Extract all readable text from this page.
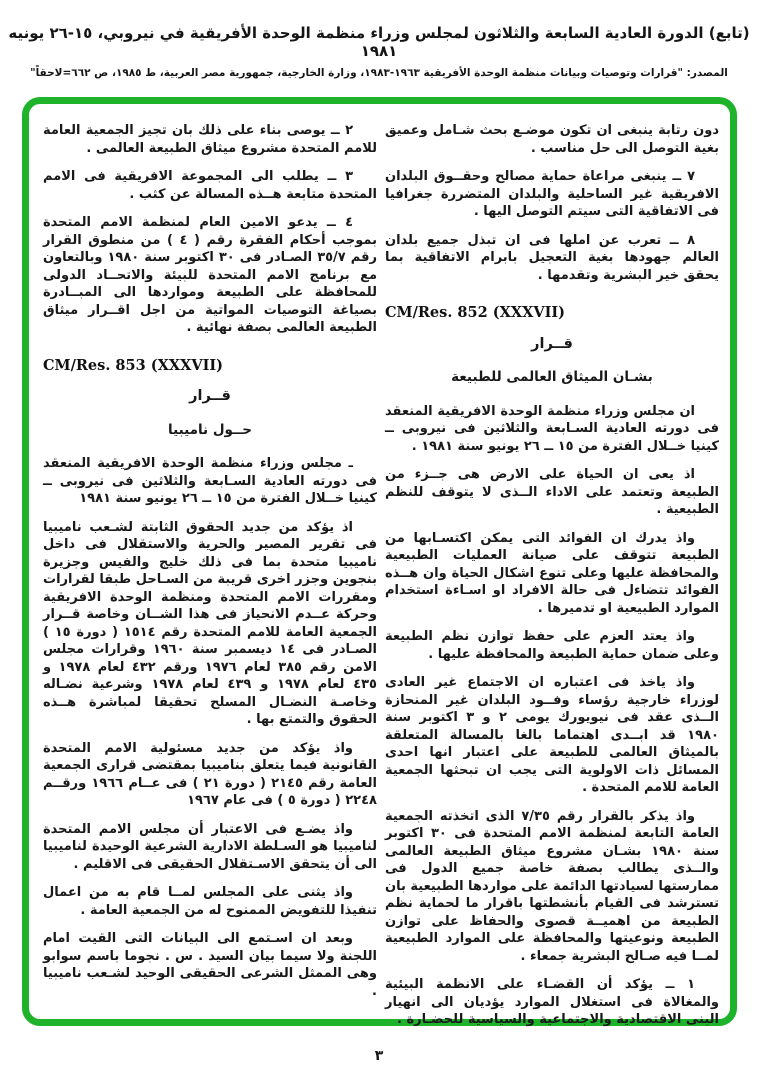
(تابع) الدورة العادية السابعة والثلاثون لمجلس وزراء منظمة الوحدة الأفريقية في نيروبي، ١٥-٢٦ يونيه ١٩٨١
المصدر: "قرارات وتوصيات وبيانات منظمة الوحدة الأفريقية ١٩٦٣-١٩٨٣، وزارة الخارجية، جمهورية مصر العربية، ط ١٩٨٥، ص ٦٦٢=لاحقاً"

دون رتابة ينبغى ان تكون موضـع بحث شـامل وعميق بغية التوصل الى حل مناسب .

٧ ــ ينبغى مراعاة حماية مصالح وحقــوق البلدان الافريقية غير الساحلية والبلدان المتضررة جغرافيا فى الاتفاقية التى سيتم التوصل اليها .

٨ ــ تعرب عن املها فى ان تبذل جميع بلدان العالم جهودها بغية التعجيل بابرام الاتفاقية بما يحقق خير البشرية وتقدمها .

CM/Res. 852 (XXXVII)
قــرار
بشـان الميثاق العالمى للطبيعة

ان مجلس وزراء منظمة الوحدة الافريقية المنعقد فى دورته العادية السـابعة والثلاثين فى نيروبى ــ كينيا خــلال الفترة من ١٥ ــ ٢٦ يونيو سنة ١٩٨١ .

اذ يعى ان الحياة على الارض هى جــزء من الطبيعة وتعتمد على الاداء الــذى لا يتوقف للنظم الطبيعية .

واذ يدرك ان الفوائد التى يمكن اكتسـابها من الطبيعة تتوقف على صيانة العمليات الطبيعية والمحافظة عليها وعلى تنوع اشكال الحياة وان هــذه الفوائد تتضاءل فى حالة الافراد او اسـاءة استخدام الموارد الطبيعية او تدميرها .

واذ يعتد العزم على حفظ توازن نظم الطبيعة وعلى ضمان حماية الطبيعة والمحافظة عليها .

واذ ياخذ فى اعتباره ان الاجتماع غير العادى لوزراء خارجية رؤساء وفــود البلدان غير المنحازة الــذى عقد فى نيويورك يومى ٢ و ٣ اكتوبر سنة ١٩٨٠ قد ابــدى اهتماما بالغا بالمسالة المتعلقة بالميثاق العالمى للطبيعة على اعتبار انها احدى المسائل ذات الاولوية التى يجب ان تبحثها الجمعية العامة للامم المتحدة .

واذ يذكر بالقرار رقم ٧/٣٥ الذى اتخذته الجمعية العامة التابعة لمنظمة الامم المتحدة فى ٣٠ اكتوبر سنة ١٩٨٠ بشـان مشروع ميثاق الطبيعة العالمى والــذى يطالب بصفة خاصة جميع الدول فى ممارستها لسيادتها الدائمة على مواردها الطبيعية بان تسترشد فى القيام بأنشطتها باقرار ما لحماية نظم الطبيعة من اهميــة قصوى والحفاظ على توازن الطبيعة ونوعيتها والمحافظة على الموارد الطبيعية لمــا فيه صـالح البشرية جمعاء .

١ ــ يؤكد أن القضـاء على الانظمة البيئية والمغالاة فى استغلال الموارد يؤديان الى انهيار البنى الاقتصادية والاجتماعية والسياسية للحضـارة .

٢ ــ يوصى بناء على ذلك بان تجيز الجمعية العامة للامم المتحدة مشروع ميثاق الطبيعة العالمى .

٣ ــ يطلب الى المجموعة الافريقية فى الامم المتحدة متابعة هــذه المسالة عن كثب .

٤ ــ يدعو الامين العام لمنظمة الامم المتحدة بموجب أحكام الفقرة رقم ( ٤ ) من منطوق القرار رقم ٣٥/٧ الصـادر فى ٣٠ اكتوبر سنة ١٩٨٠ وبالتعاون مع برنامج الامم المتحدة للبيئة والاتحــاد الدولى للمحافظة على الطبيعة ومواردها الى المبــادرة بصياغة التوصيات المواتية من اجل اقــرار ميثاق الطبيعة العالمى بصفة نهائية .

CM/Res. 853 (XXXVII)
قــرار
حــول ناميبيا

ـ مجلس وزراء منظمة الوحدة الافريقية المنعقد فى دورته العادية السـابعة والثلاثين فى نيروبى ــ كينيا خــلال الفترة من ١٥ ــ ٢٦ يونيو سنة ١٩٨١

اذ يؤكد من جديد الحقوق الثابتة لشـعب ناميبيا فى تقرير المصير والحرية والاستقلال فى داخل ناميبيا متحدة بما فى ذلك خليج والفيس وجزيرة بنجوين وجزر اخرى قريبة من السـاحل طبقا لقرارات ومقررات الامم المتحدة ومنظمة الوحدة الافريقية وحركة عــدم الانحياز فى هذا الشــان وخاصة قــرار الجمعية العامة للامم المتحدة رقم ١٥١٤ ( دورة ١٥ ) الصـادر فى ١٤ ديسمبر سنة ١٩٦٠ وقرارات مجلس الامن رقم ٣٨٥ لعام ١٩٧٦ ورقم ٤٣٢ لعام ١٩٧٨ و ٤٣٥ لعام ١٩٧٨ و ٤٣٩ لعام ١٩٧٨ وشرعية نضـاله وخاصـة النضـال المسلح تحقيقا لمباشرة هــذه الحقوق والتمتع بها .

واذ يؤكد من جديد مسئولية الامم المتحدة القانونية فيما يتعلق بناميبيا بمقتضى قرارى الجمعية العامة رقم ٢١٤٥ ( دورة ٢١ ) فى عــام ١٩٦٦ ورقــم ٢٢٤٨ ( دورة ٥ ) فى عام ١٩٦٧

واذ يضـع فى الاعتبار أن مجلس الامم المتحدة لناميبيا هو السـلطة الادارية الشرعية الوحيدة لناميبيا الى أن يتحقق الاسـتقلال الحقيقى فى الاقليم .

واذ يثنى على المجلس لمــا قام به من اعمال تنفيذا للتفويض الممنوح له من الجمعية العامة .

وبعد ان اسـتمع الى البيانات التى القيت امام اللجنة ولا سيما بيان السيد . س . نجوما باسم سوابو وهى الممثل الشرعى الحقيقى الوحيد لشـعب ناميبيا .

٣
